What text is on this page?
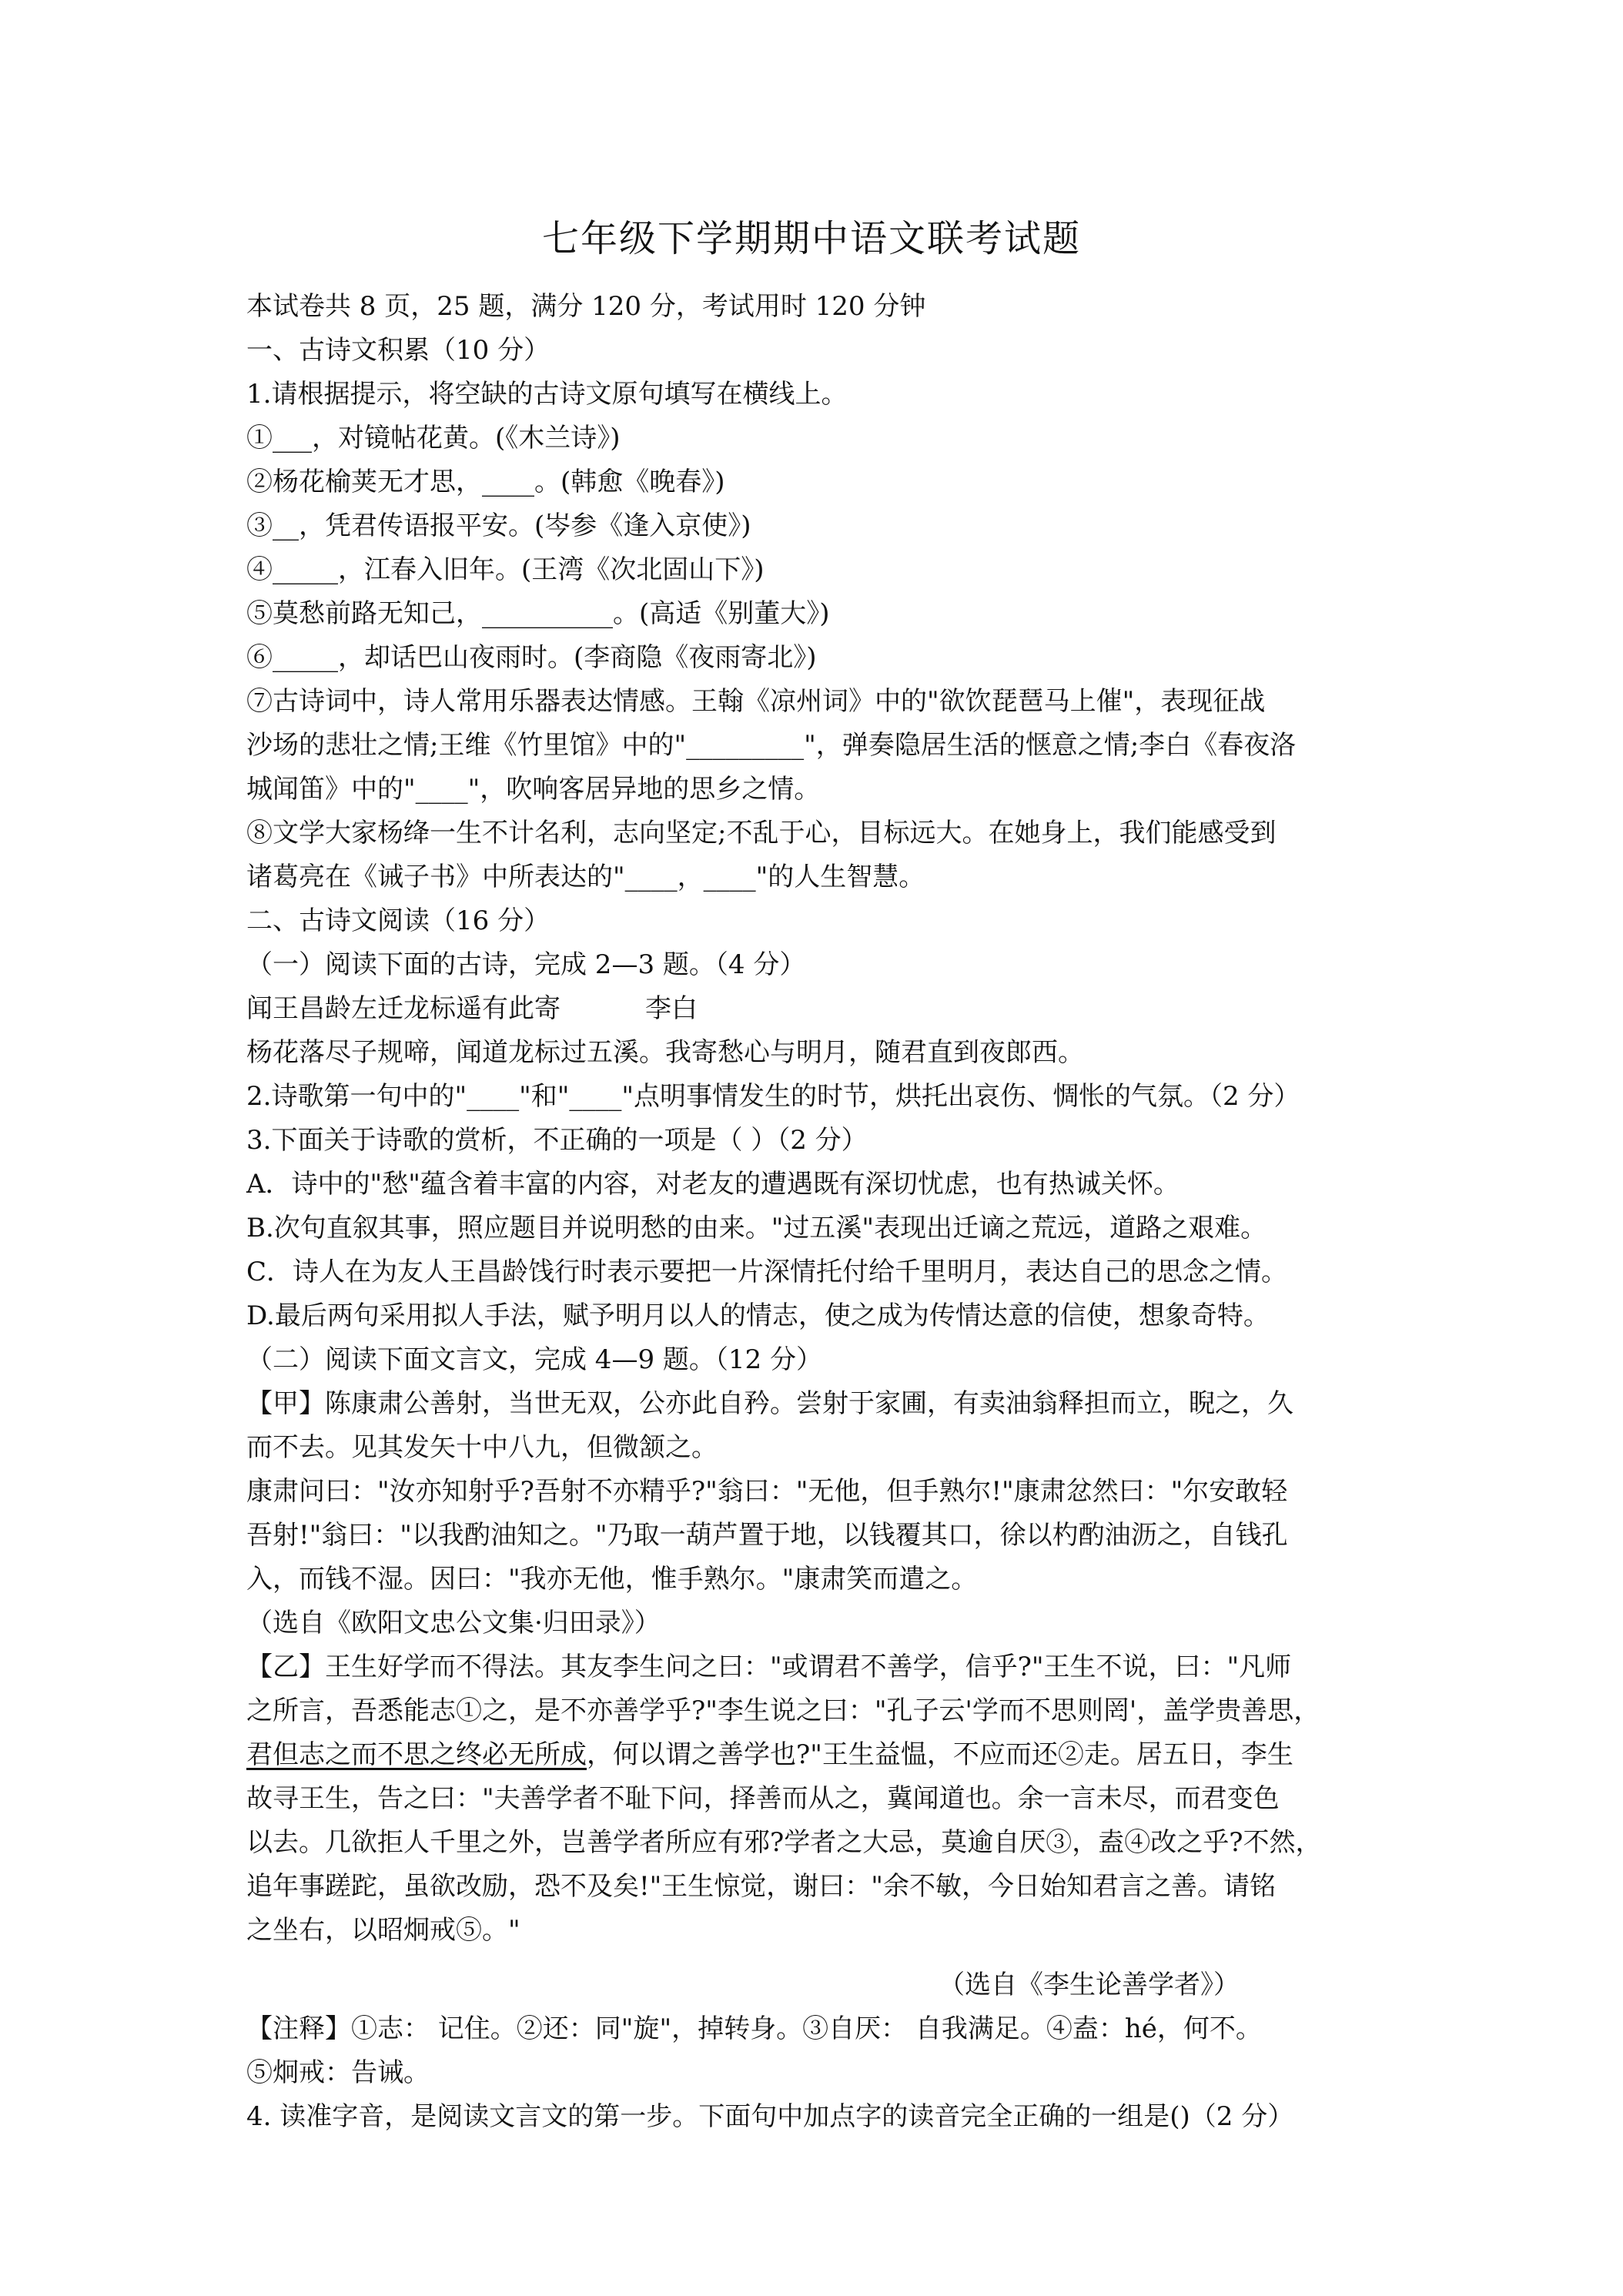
七年级下学期期中语文联考试题
本试卷共 8 页，25 题，满分 120 分，考试用时 120 分钟
一、古诗文积累（10 分）
1.请根据提示，将空缺的古诗文原句填写在横线上。
①___，对镜帖花黄。(《木兰诗》)
②杨花榆荚无才思，____。(韩愈《晚春》)
③__，凭君传语报平安。(岑参《逢入京使》)
④_____，江春入旧年。(王湾《次北固山下》)
⑤莫愁前路无知己，__________。(高适《别董大》)
⑥_____，却话巴山夜雨时。(李商隐《夜雨寄北》)
⑦古诗词中，诗人常用乐器表达情感。王翰《凉州词》中的"欲饮琵琶马上催"，表现征战
沙场的悲壮之情;王维《竹里馆》中的"_________"，弹奏隐居生活的惬意之情;李白《春夜洛
城闻笛》中的"____"，吹响客居异地的思乡之情。
⑧文学大家杨绛一生不计名利，志向坚定;不乱于心，目标远大。在她身上，我们能感受到
诸葛亮在《诫子书》中所表达的"____，____"的人生智慧。
二、古诗文阅读（16 分）
（一）阅读下面的古诗，完成 2—3 题。（4 分）
闻王昌龄左迁龙标遥有此寄	李白
杨花落尽子规啼，闻道龙标过五溪。我寄愁心与明月，随君直到夜郎西。
2.诗歌第一句中的"____"和"____"点明事情发生的时节，烘托出哀伤、惆怅的气氛。（2 分）
3.下面关于诗歌的赏析，不正确的一项是（ ）（2 分）
A．诗中的"愁"蕴含着丰富的内容，对老友的遭遇既有深切忧虑，也有热诚关怀。
B.次句直叙其事，照应题目并说明愁的由来。"过五溪"表现出迁谪之荒远，道路之艰难。
C．诗人在为友人王昌龄饯行时表示要把一片深情托付给千里明月，表达自己的思念之情。
D.最后两句采用拟人手法，赋予明月以人的情志，使之成为传情达意的信使，想象奇特。
（二）阅读下面文言文，完成 4—9 题。（12 分）
【甲】陈康肃公善射，当世无双，公亦此自矜。尝射于家圃，有卖油翁释担而立，睨之，久
而不去。见其发矢十中八九，但微颔之。
康肃问曰："汝亦知射乎?吾射不亦精乎?"翁曰："无他，但手熟尔!"康肃忿然曰："尔安敢轻
吾射!"翁曰："以我酌油知之。"乃取一葫芦置于地，以钱覆其口，徐以杓酌油沥之，自钱孔
入，而钱不湿。因曰："我亦无他，惟手熟尔。"康肃笑而遣之。
（选自《欧阳文忠公文集·归田录》）
【乙】王生好学而不得法。其友李生问之曰："或谓君不善学，信乎?"王生不说，曰："凡师
之所言，吾悉能志①之，是不亦善学乎?"李生说之曰："孔子云'学而不思则罔'，盖学贵善思，
君但志之而不思之终必无所成，何以谓之善学也?"王生益愠，不应而还②走。居五日，李生
故寻王生，告之曰："夫善学者不耻下问，择善而从之，冀闻道也。余一言未尽，而君变色
以去。几欲拒人千里之外，岂善学者所应有邪?学者之大忌，莫逾自厌③，盍④改之乎?不然，
追年事蹉跎，虽欲改励，恐不及矣!"王生惊觉，谢曰："余不敏，今日始知君言之善。请铭
之坐右，以昭炯戒⑤。"
（选自《李生论善学者》）
【注释】①志： 记住。②还：同"旋"，掉转身。③自厌： 自我满足。④盍：hé，何不。
⑤炯戒：告诫。
4. 读准字音，是阅读文言文的第一步。下面句中加点字的读音完全正确的一组是()（2 分）
